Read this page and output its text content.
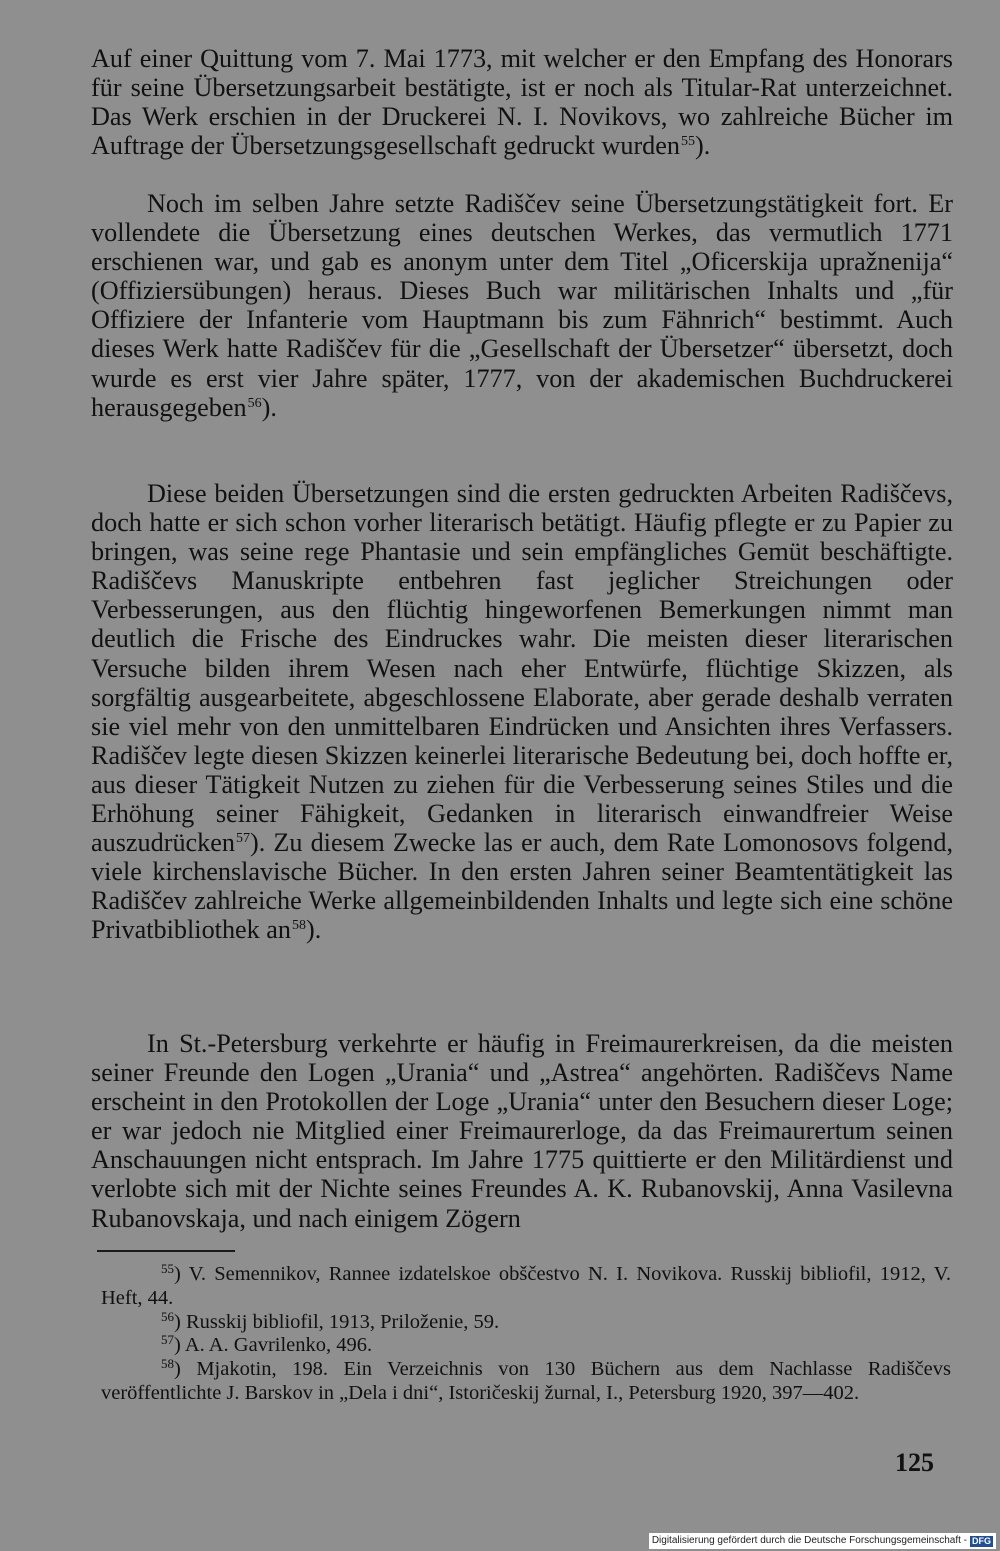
Auf einer Quittung vom 7. Mai 1773, mit welcher er den Empfang des Honorars für seine Übersetzungsarbeit bestätigte, ist er noch als Titular-Rat unterzeichnet. Das Werk erschien in der Druckerei N. I. Novikovs, wo zahlreiche Bücher im Auftrage der Übersetzungsgesellschaft gedruckt wurden$^{55}$).

Noch im selben Jahre setzte Radiščev seine Übersetzungstätigkeit fort. Er vollendete die Übersetzung eines deutschen Werkes, das vermutlich 1771 erschienen war, und gab es anonym unter dem Titel „Oficerskija upražnenija“ (Offiziersübungen) heraus. Dieses Buch war militärischen Inhalts und „für Offiziere der Infanterie vom Hauptmann bis zum Fähnrich“ bestimmt. Auch dieses Werk hatte Radiščev für die „Gesellschaft der Übersetzer“ übersetzt, doch wurde es erst vier Jahre später, 1777, von der akademischen Buchdruckerei herausgegeben$^{56}$).

Diese beiden Übersetzungen sind die ersten gedruckten Arbeiten Radiščevs, doch hatte er sich schon vorher literarisch betätigt. Häufig pflegte er zu Papier zu bringen, was seine rege Phantasie und sein empfängliches Gemüt beschäftigte. Radiščevs Manuskripte entbehren fast jeglicher Streichungen oder Verbesserungen, aus den flüchtig hingeworfenen Bemerkungen nimmt man deutlich die Frische des Eindruckes wahr. Die meisten dieser literarischen Versuche bilden ihrem Wesen nach eher Entwürfe, flüchtige Skizzen, als sorgfältig ausgearbeitete, abgeschlossene Elaborate, aber gerade deshalb verraten sie viel mehr von den unmittelbaren Eindrücken und Ansichten ihres Verfassers. Radiščev legte diesen Skizzen keinerlei literarische Bedeutung bei, doch hoffte er, aus dieser Tätigkeit Nutzen zu ziehen für die Verbesserung seines Stiles und die Erhöhung seiner Fähigkeit, Gedanken in literarisch einwandfreier Weise auszudrücken$^{57}$). Zu diesem Zwecke las er auch, dem Rate Lomonosovs folgend, viele kirchenslavische Bücher. In den ersten Jahren seiner Beamtentätigkeit las Radiščev zahlreiche Werke allgemeinbildenden Inhalts und legte sich eine schöne Privatbibliothek an$^{58}$).

In St.-Petersburg verkehrte er häufig in Freimaurerkreisen, da die meisten seiner Freunde den Logen „Urania“ und „Astrea“ angehörten. Radiščevs Name erscheint in den Protokollen der Loge „Urania“ unter den Besuchern dieser Loge; er war jedoch nie Mitglied einer Freimaurerloge, da das Freimaurertum seinen Anschauungen nicht entsprach. Im Jahre 1775 quittierte er den Militärdienst und verlobte sich mit der Nichte seines Freundes A. K. Rubanovskij, Anna Vasilevna Rubanovskaja, und nach einigem Zögern

$^{55}$) V. Semennikov, Rannee izdatelskoe obščestvo N. I. Novikova. Russkij bibliofil, 1912, V. Heft, 44.

$^{56}$) Russkij bibliofil, 1913, Priloženie, 59.

$^{57}$) A. A. Gavrilenko, 496.

$^{58}$) Mjakotin, 198. Ein Verzeichnis von 130 Büchern aus dem Nachlasse Radiščevs veröffentlichte J. Barskov in „Dela i dni“, Istoričeskij žurnal, I., Petersburg 1920, 397—402.

125
Digitalisierung gefördert durch die Deutsche Forschungsgemeinschaft - DFG
